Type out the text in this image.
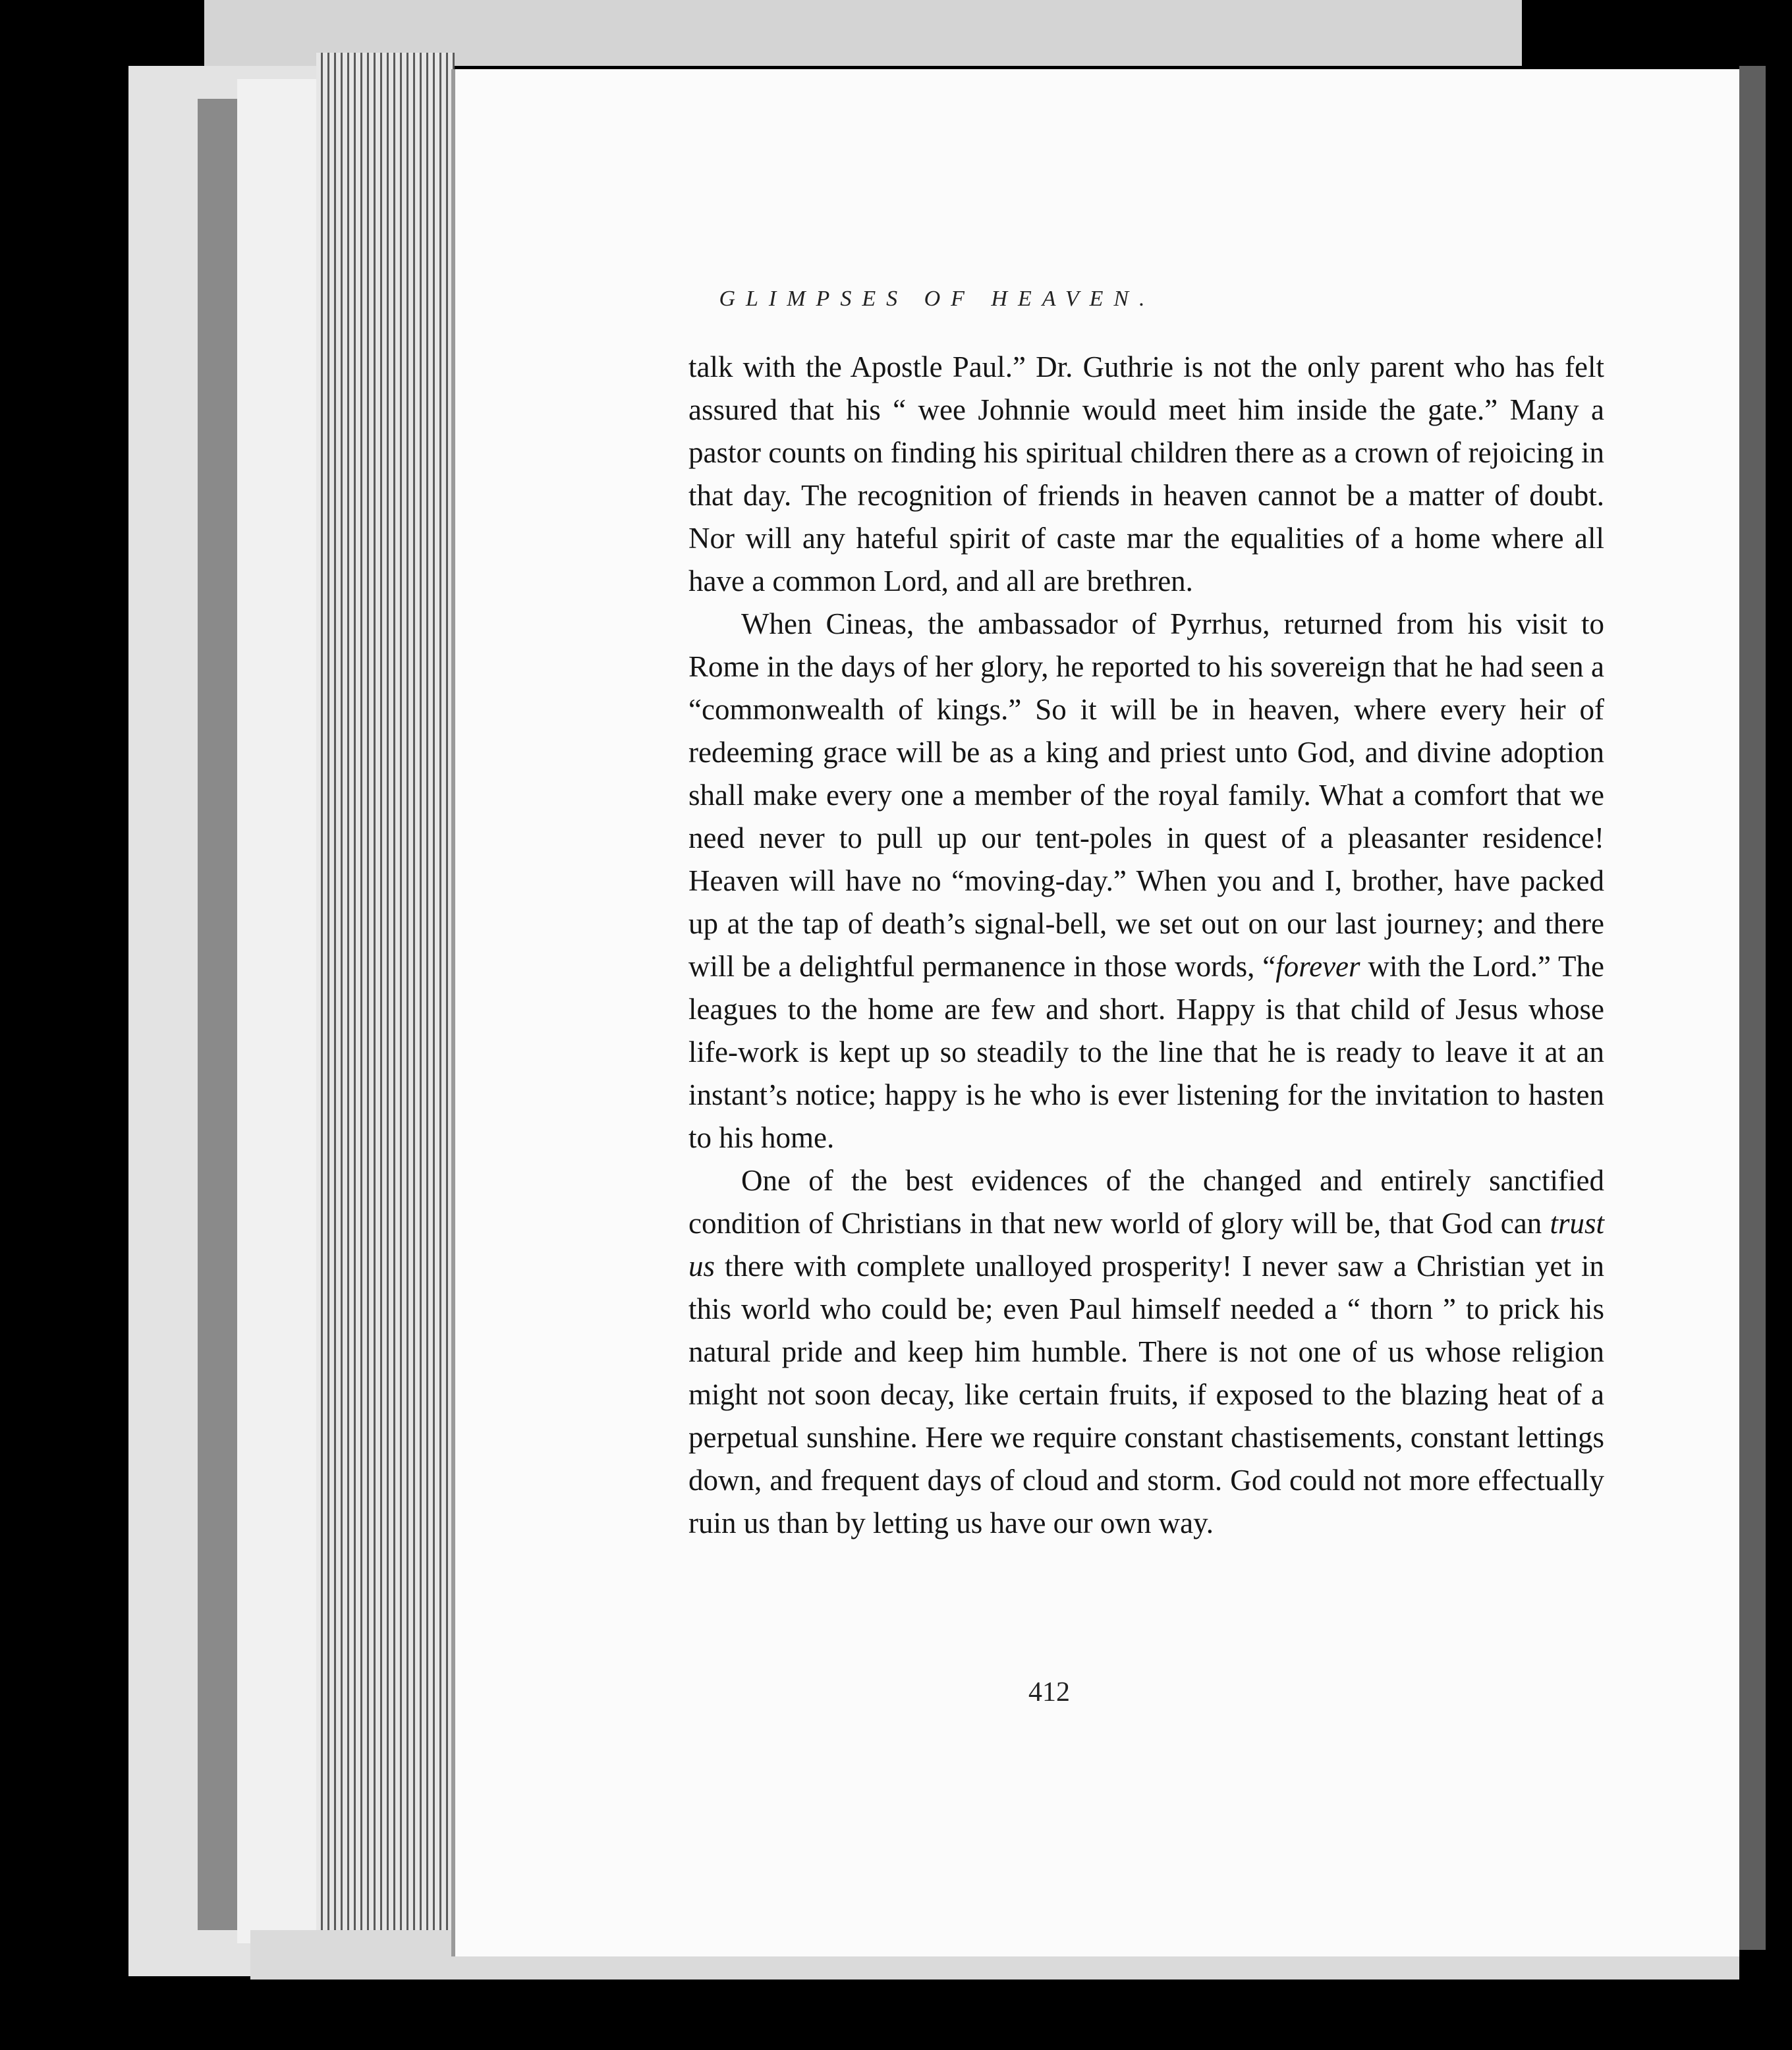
GLIMPSES OF HEAVEN.

talk with the Apostle Paul.” Dr. Guthrie is not the only parent who has felt assured that his “ wee Johnnie would meet him inside the gate.” Many a pastor counts on finding his spiritual children there as a crown of rejoicing in that day. The recognition of friends in heaven cannot be a matter of doubt. Nor will any hateful spirit of caste mar the equalities of a home where all have a common Lord, and all are brethren.

When Cineas, the ambassador of Pyrrhus, returned from his visit to Rome in the days of her glory, he reported to his sovereign that he had seen a “commonwealth of kings.” So it will be in heaven, where every heir of redeeming grace will be as a king and priest unto God, and divine adoption shall make every one a member of the royal family. What a comfort that we need never to pull up our tent-poles in quest of a pleasanter residence! Heaven will have no “moving-day.” When you and I, brother, have packed up at the tap of death’s signal-bell, we set out on our last journey; and there will be a delightful permanence in those words, “forever with the Lord.” The leagues to the home are few and short. Happy is that child of Jesus whose life-work is kept up so steadily to the line that he is ready to leave it at an instant’s notice; happy is he who is ever listening for the invitation to hasten to his home.

One of the best evidences of the changed and entirely sanctified condition of Christians in that new world of glory will be, that God can trust us there with complete unalloyed prosperity! I never saw a Christian yet in this world who could be; even Paul himself needed a “ thorn ” to prick his natural pride and keep him humble. There is not one of us whose religion might not soon decay, like certain fruits, if exposed to the blazing heat of a perpetual sunshine. Here we require constant chastisements, constant lettings down, and frequent days of cloud and storm. God could not more effectually ruin us than by letting us have our own way.

412
